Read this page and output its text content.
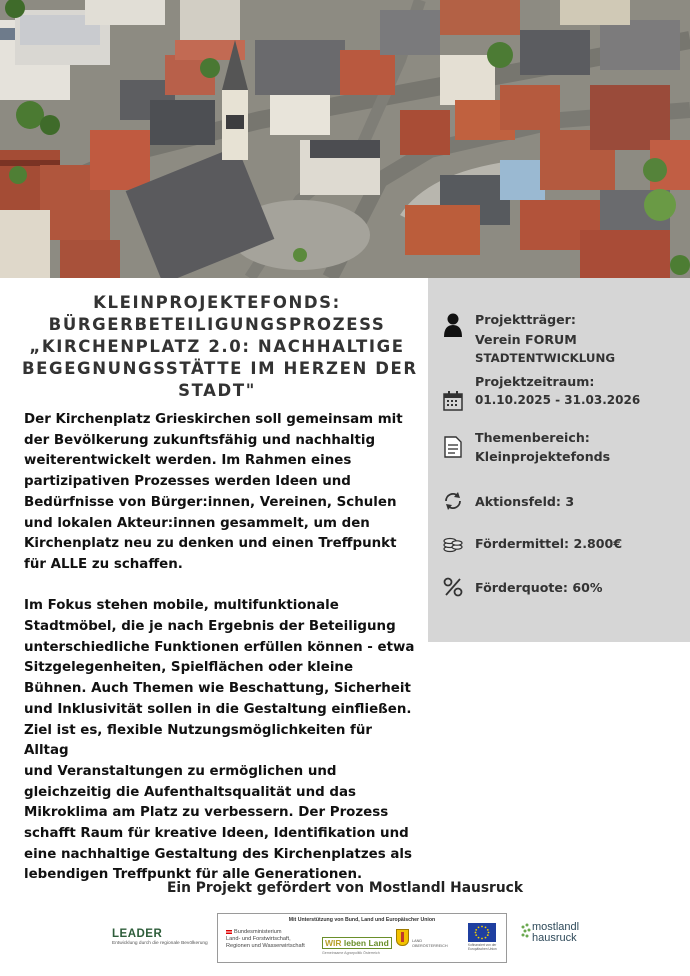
KLEINPROJEKTEFONDS:
BÜRGERBETEILIGUNGSPROZESS
„KIRCHENPLATZ 2.0: NACHHALTIGE
BEGEGNUNGSSTÄTTE IM HERZEN DER
STADT"

Der Kirchenplatz Grieskirchen soll gemeinsam mit
der Bevölkerung zukunftsfähig und nachhaltig
weiterentwickelt werden. Im Rahmen eines
partizipativen Prozesses werden Ideen und
Bedürfnisse von Bürger:innen, Vereinen, Schulen
und lokalen Akteur:innen gesammelt, um den
Kirchenplatz neu zu denken und einen Treffpunkt
für ALLE zu schaffen.

Im Fokus stehen mobile, multifunktionale
Stadtmöbel, die je nach Ergebnis der Beteiligung
unterschiedliche Funktionen erfüllen können - etwa
Sitzgelegenheiten, Spielflächen oder kleine
Bühnen. Auch Themen wie Beschattung, Sicherheit
und Inklusivität sollen in die Gestaltung einfließen.
Ziel ist es, flexible Nutzungsmöglichkeiten für Alltag
und Veranstaltungen zu ermöglichen und
gleichzeitig die Aufenthaltsqualität und das
Mikroklima am Platz zu verbessern. Der Prozess
schafft Raum für kreative Ideen, Identifikation und
eine nachhaltige Gestaltung des Kirchenplatzes als
lebendigen Treffpunkt für alle Generationen.

Projektträger:
Verein FORUM
STADTENTWICKLUNG
Projektzeitraum:
01.10.2025 - 31.03.2026
Themenbereich:
Kleinprojektefonds
Aktionsfeld: 3
Fördermittel: 2.800€
Förderquote: 60%
Ein Projekt gefördert von Mostlandl Hausruck
LEADER
Entwicklung durch die regionale Bevölkerung
Mit Unterstützung von Bund, Land und Europäischer Union
Bundesministerium
Land- und Forstwirtschaft,
Regionen und Wasserwirtschaft	WIR leben Land
Gemeinsame Agrarpolitik Österreich
LAND
OBERÖSTERREICH	Kofinanziert von der Europäischen Union
mostlandl
hausruck
